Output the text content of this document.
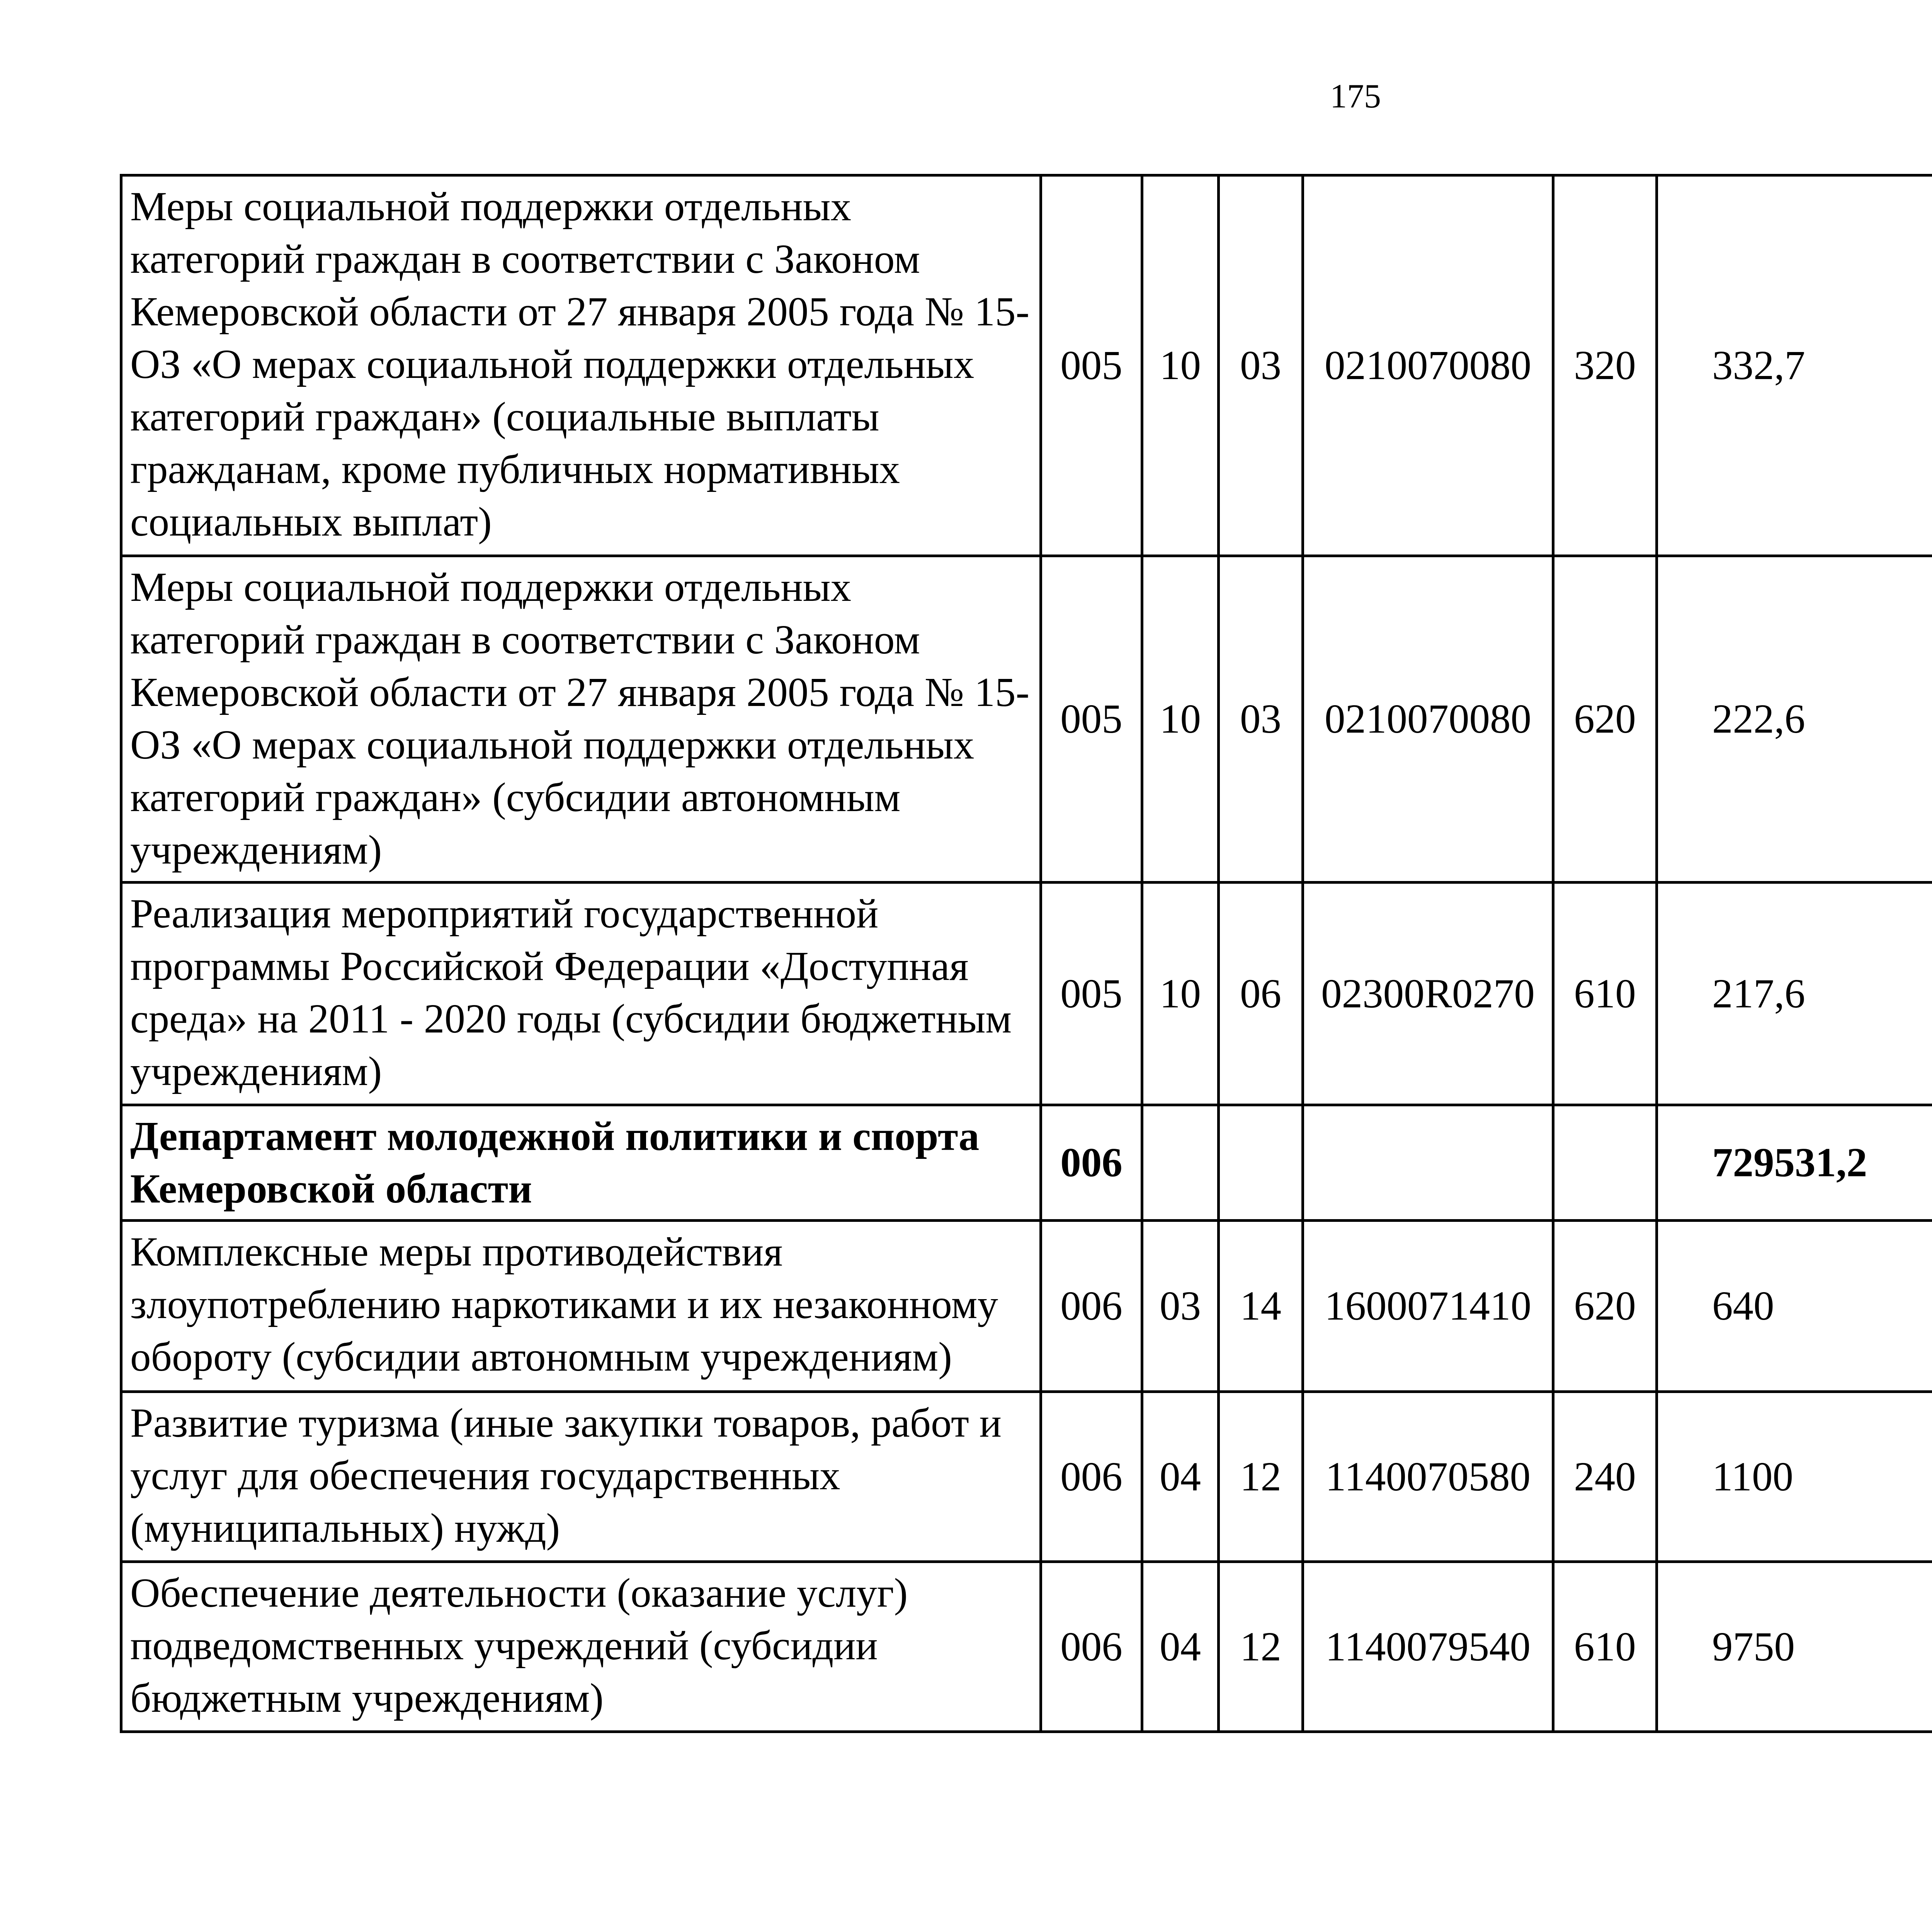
175
Меры социальной поддержки отдельных категорий граждан в соответствии с Законом Кемеровской области от 27 января 2005 года № 15-ОЗ «О мерах социальной поддержки отдельных категорий граждан» (социальные выплаты гражданам, кроме публичных нормативных социальных выплат)	005	10	03	0210070080	320	332,7		
Меры социальной поддержки отдельных категорий граждан в соответствии с Законом Кемеровской области от 27 января 2005 года № 15-ОЗ «О мерах социальной поддержки отдельных категорий граждан» (субсидии автономным учреждениям)	005	10	03	0210070080	620	222,6		
Реализация мероприятий государственной программы Российской Федерации «Доступная среда» на 2011 - 2020 годы (субсидии бюджетным учреждениям)	005	10	06	02300R0270	610	217,6		
Департамент молодежной политики и спорта Кемеровской области	006					729531,2		
Комплексные меры противодействия злоупотреблению наркотиками и их незаконному обороту (субсидии автономным учреждениям)	006	03	14	1600071410	620	640		
Развитие туризма (иные закупки товаров, работ и услуг для обеспечения государственных (муниципальных) нужд)	006	04	12	1140070580	240	1100		
Обеспечение деятельности (оказание услуг) подведомственных учреждений (субсидии бюджетным учреждениям)	006	04	12	1140079540	610	9750		
